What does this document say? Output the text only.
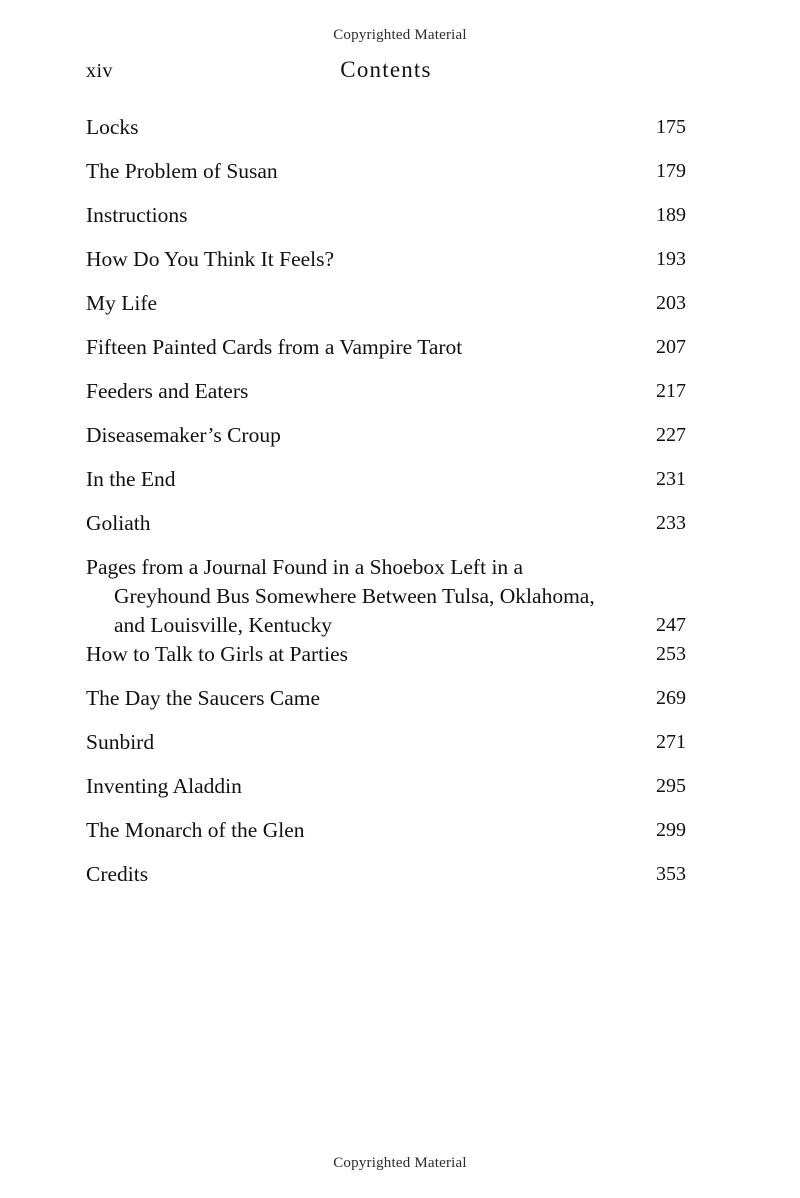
Copyrighted Material
xiv	Contents
Locks	175
The Problem of Susan	179
Instructions	189
How Do You Think It Feels?	193
My Life	203
Fifteen Painted Cards from a Vampire Tarot	207
Feeders and Eaters	217
Diseasemaker’s Croup	227
In the End	231
Goliath	233
Pages from a Journal Found in a Shoebox Left in a Greyhound Bus Somewhere Between Tulsa, Oklahoma, and Louisville, Kentucky	247
How to Talk to Girls at Parties	253
The Day the Saucers Came	269
Sunbird	271
Inventing Aladdin	295
The Monarch of the Glen	299
Credits	353
Copyrighted Material
